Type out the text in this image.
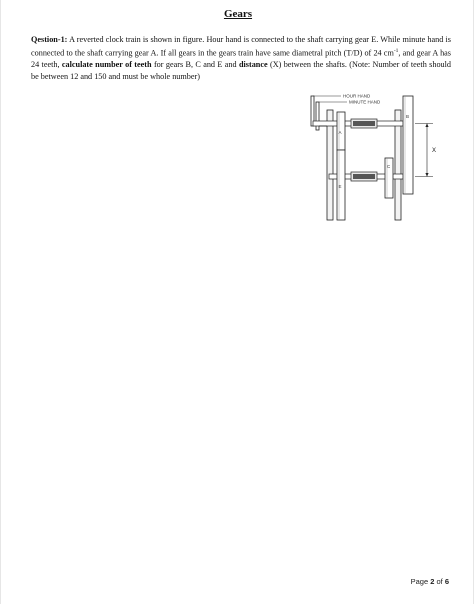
Gears
Qestion-1: A reverted clock train is shown in figure. Hour hand is connected to the shaft carrying gear E. While minute hand is connected to the shaft carrying gear A. If all gears in the gears train have same diametral pitch (T/D) of 24 $cm^{-1}$, and gear A has 24 teeth, calculate number of teeth for gears B, C and E and distance (X) between the shafts. (Note: Number of teeth should be between 12 and 150 and must be whole number)
HOUR HAND
MINUTE HAND
A
B
C
E
X
Page 2 of 6
